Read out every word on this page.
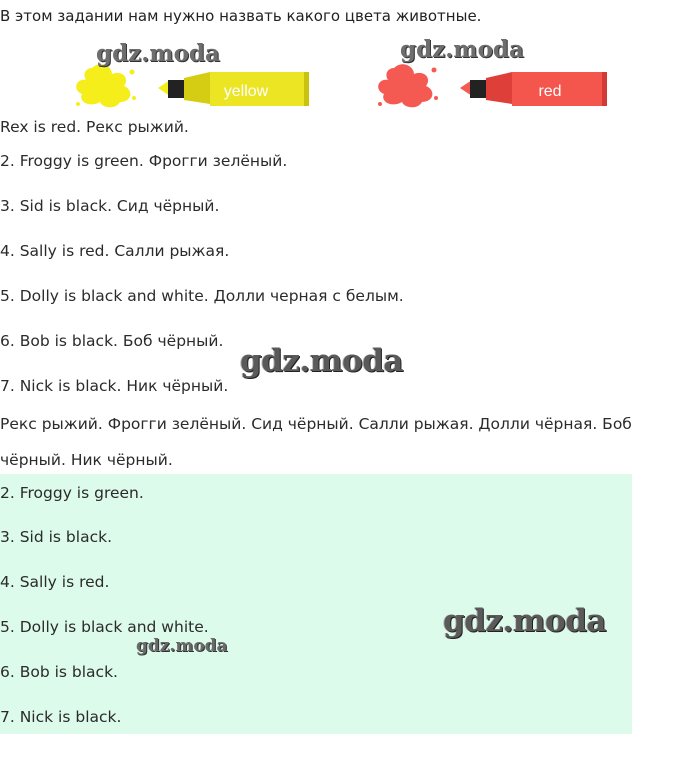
В этом задании нам нужно назвать какого цвета животные.
yellow	red
Rex is red. Рекс рыжий.
2. Froggy is green. Фрогги зелёный.
3. Sid is black. Сид чёрный.
4. Sally is red. Салли рыжая.
5. Dolly is black and white. Долли черная с белым.
6. Bob is black. Боб чёрный.
7. Nick is black. Ник чёрный.
Рекс рыжий. Фрогги зелёный. Сид чёрный. Салли рыжая. Долли чёрная. Боб чёрный. Ник чёрный.
2. Froggy is green.
3. Sid is black.
4. Sally is red.
5. Dolly is black and white.
6. Bob is black.
7. Nick is black.
gdz.moda	gdz.moda
gdz.moda
gdz.moda
gdz.moda
